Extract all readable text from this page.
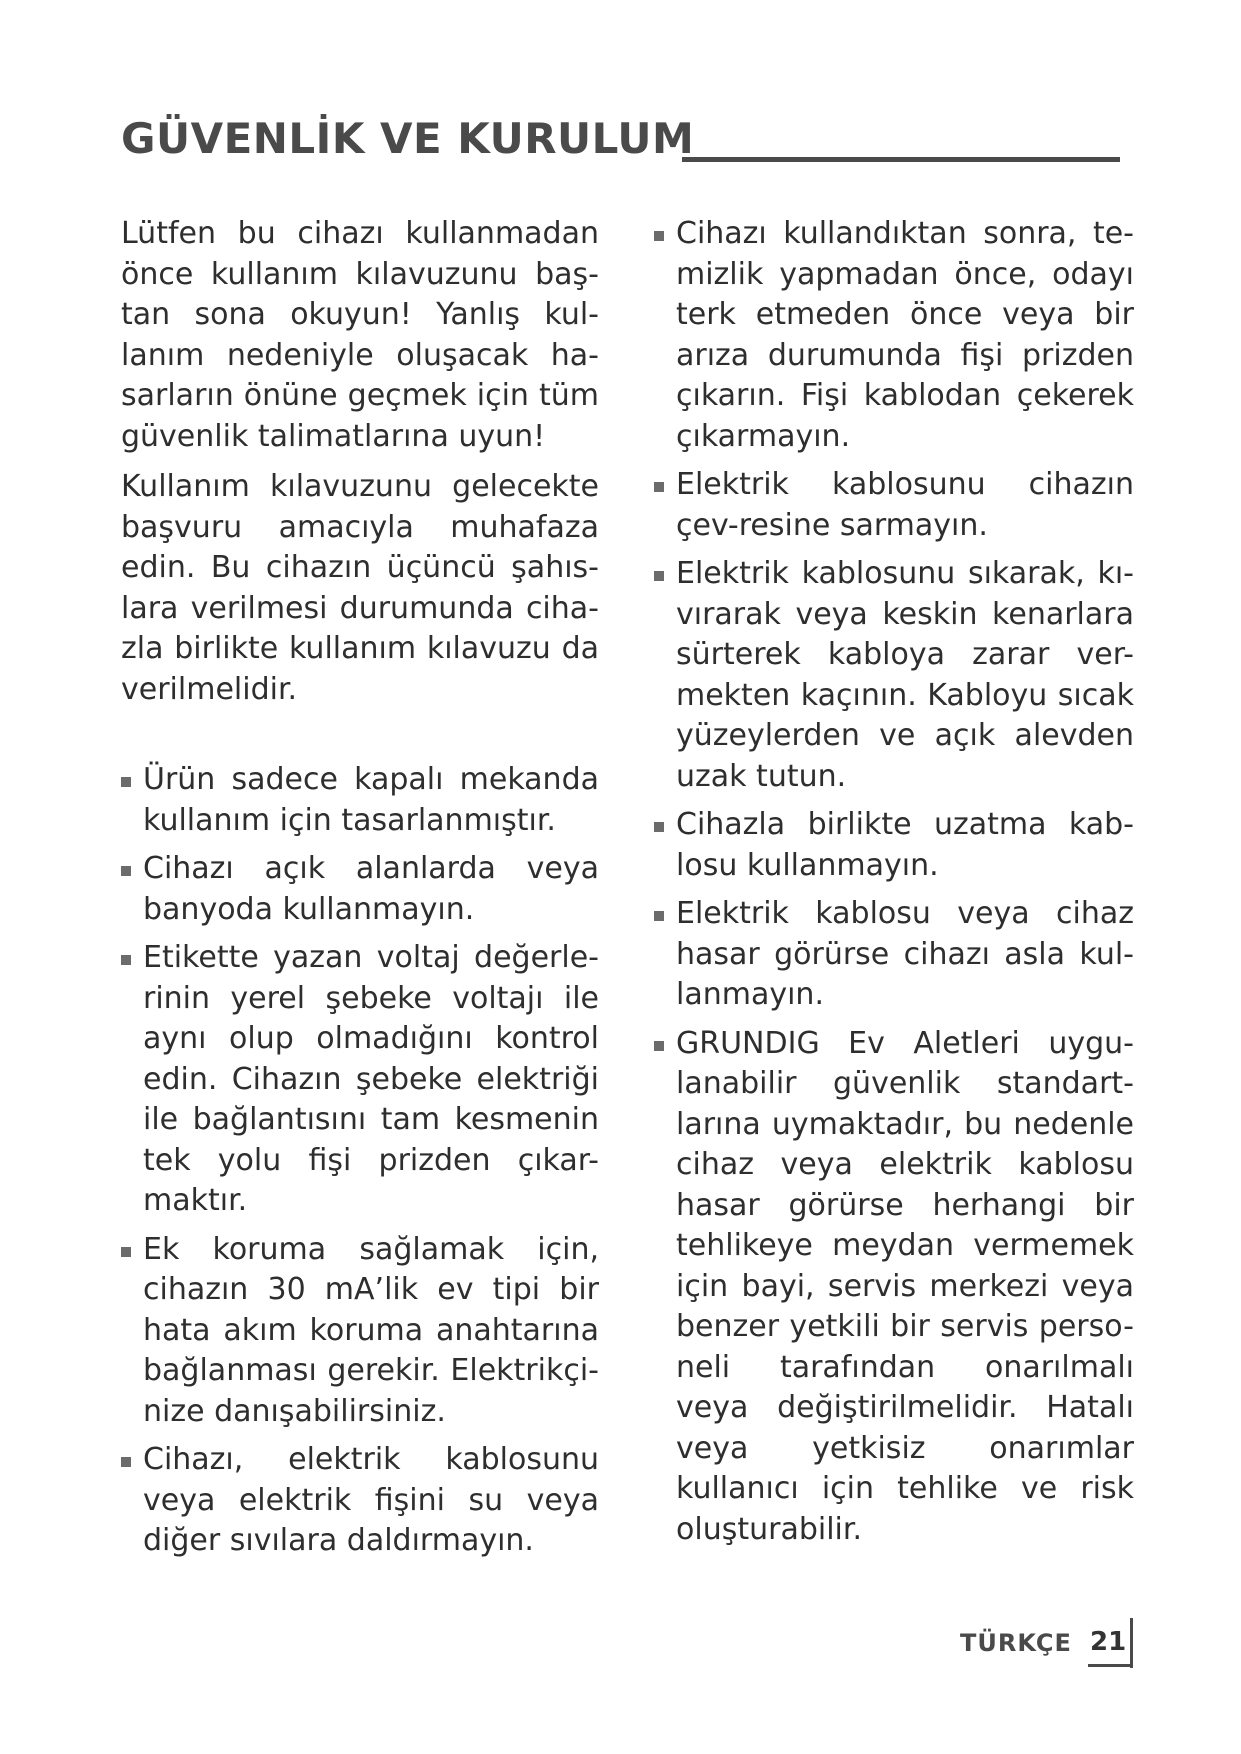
GÜVENLİK VE KURULUM

Lütfen bu cihazı kullanmadan önce kullanım kılavuzunu baş-tan sona okuyun! Yanlış kul-lanım nedeniyle oluşacak ha-sarların önüne geçmek için tüm güvenlik talimatlarına uyun!

Kullanım kılavuzunu gelecekte başvuru amacıyla muhafaza edin. Bu cihazın üçüncü şahıs-lara verilmesi durumunda ciha-zla birlikte kullanım kılavuzu da verilmelidir.

Ürün sadece kapalı mekanda kullanım için tasarlanmıştır.
Cihazı açık alanlarda veya banyoda kullanmayın.
Etikette yazan voltaj değerle-rinin yerel şebeke voltajı ile aynı olup olmadığını kontrol edin. Cihazın şebeke elektriği ile bağlantısını tam kesmenin tek yolu fişi prizden çıkar-maktır.
Ek koruma sağlamak için, cihazın 30 mA’lik ev tipi bir hata akım koruma anahtarına bağlanması gerekir. Elektrikçi-nize danışabilirsiniz.
Cihazı, elektrik kablosunu veya elektrik fişini su veya diğer sıvılara daldırmayın.
Cihazı kullandıktan sonra, te-mizlik yapmadan önce, odayı terk etmeden önce veya bir arıza durumunda fişi prizden çıkarın. Fişi kablodan çekerek çıkarmayın.
Elektrik kablosunu cihazın çev-resine sarmayın.
Elektrik kablosunu sıkarak, kı-vırarak veya keskin kenarlara sürterek kabloya zarar ver-mekten kaçının. Kabloyu sıcak yüzeylerden ve açık alevden uzak tutun.
Cihazla birlikte uzatma kab-losu kullanmayın.
Elektrik kablosu veya cihaz hasar görürse cihazı asla kul-lanmayın.
GRUNDIG Ev Aletleri uygu-lanabilir güvenlik standart-larına uymaktadır, bu nedenle cihaz veya elektrik kablosu hasar görürse herhangi bir tehlikeye meydan vermemek için bayi, servis merkezi veya benzer yetkili bir servis perso-neli tarafından onarılmalı veya değiştirilmelidir. Hatalı veya yetkisiz onarımlar kullanıcı için tehlike ve risk oluşturabilir.
TÜRKÇE 21
